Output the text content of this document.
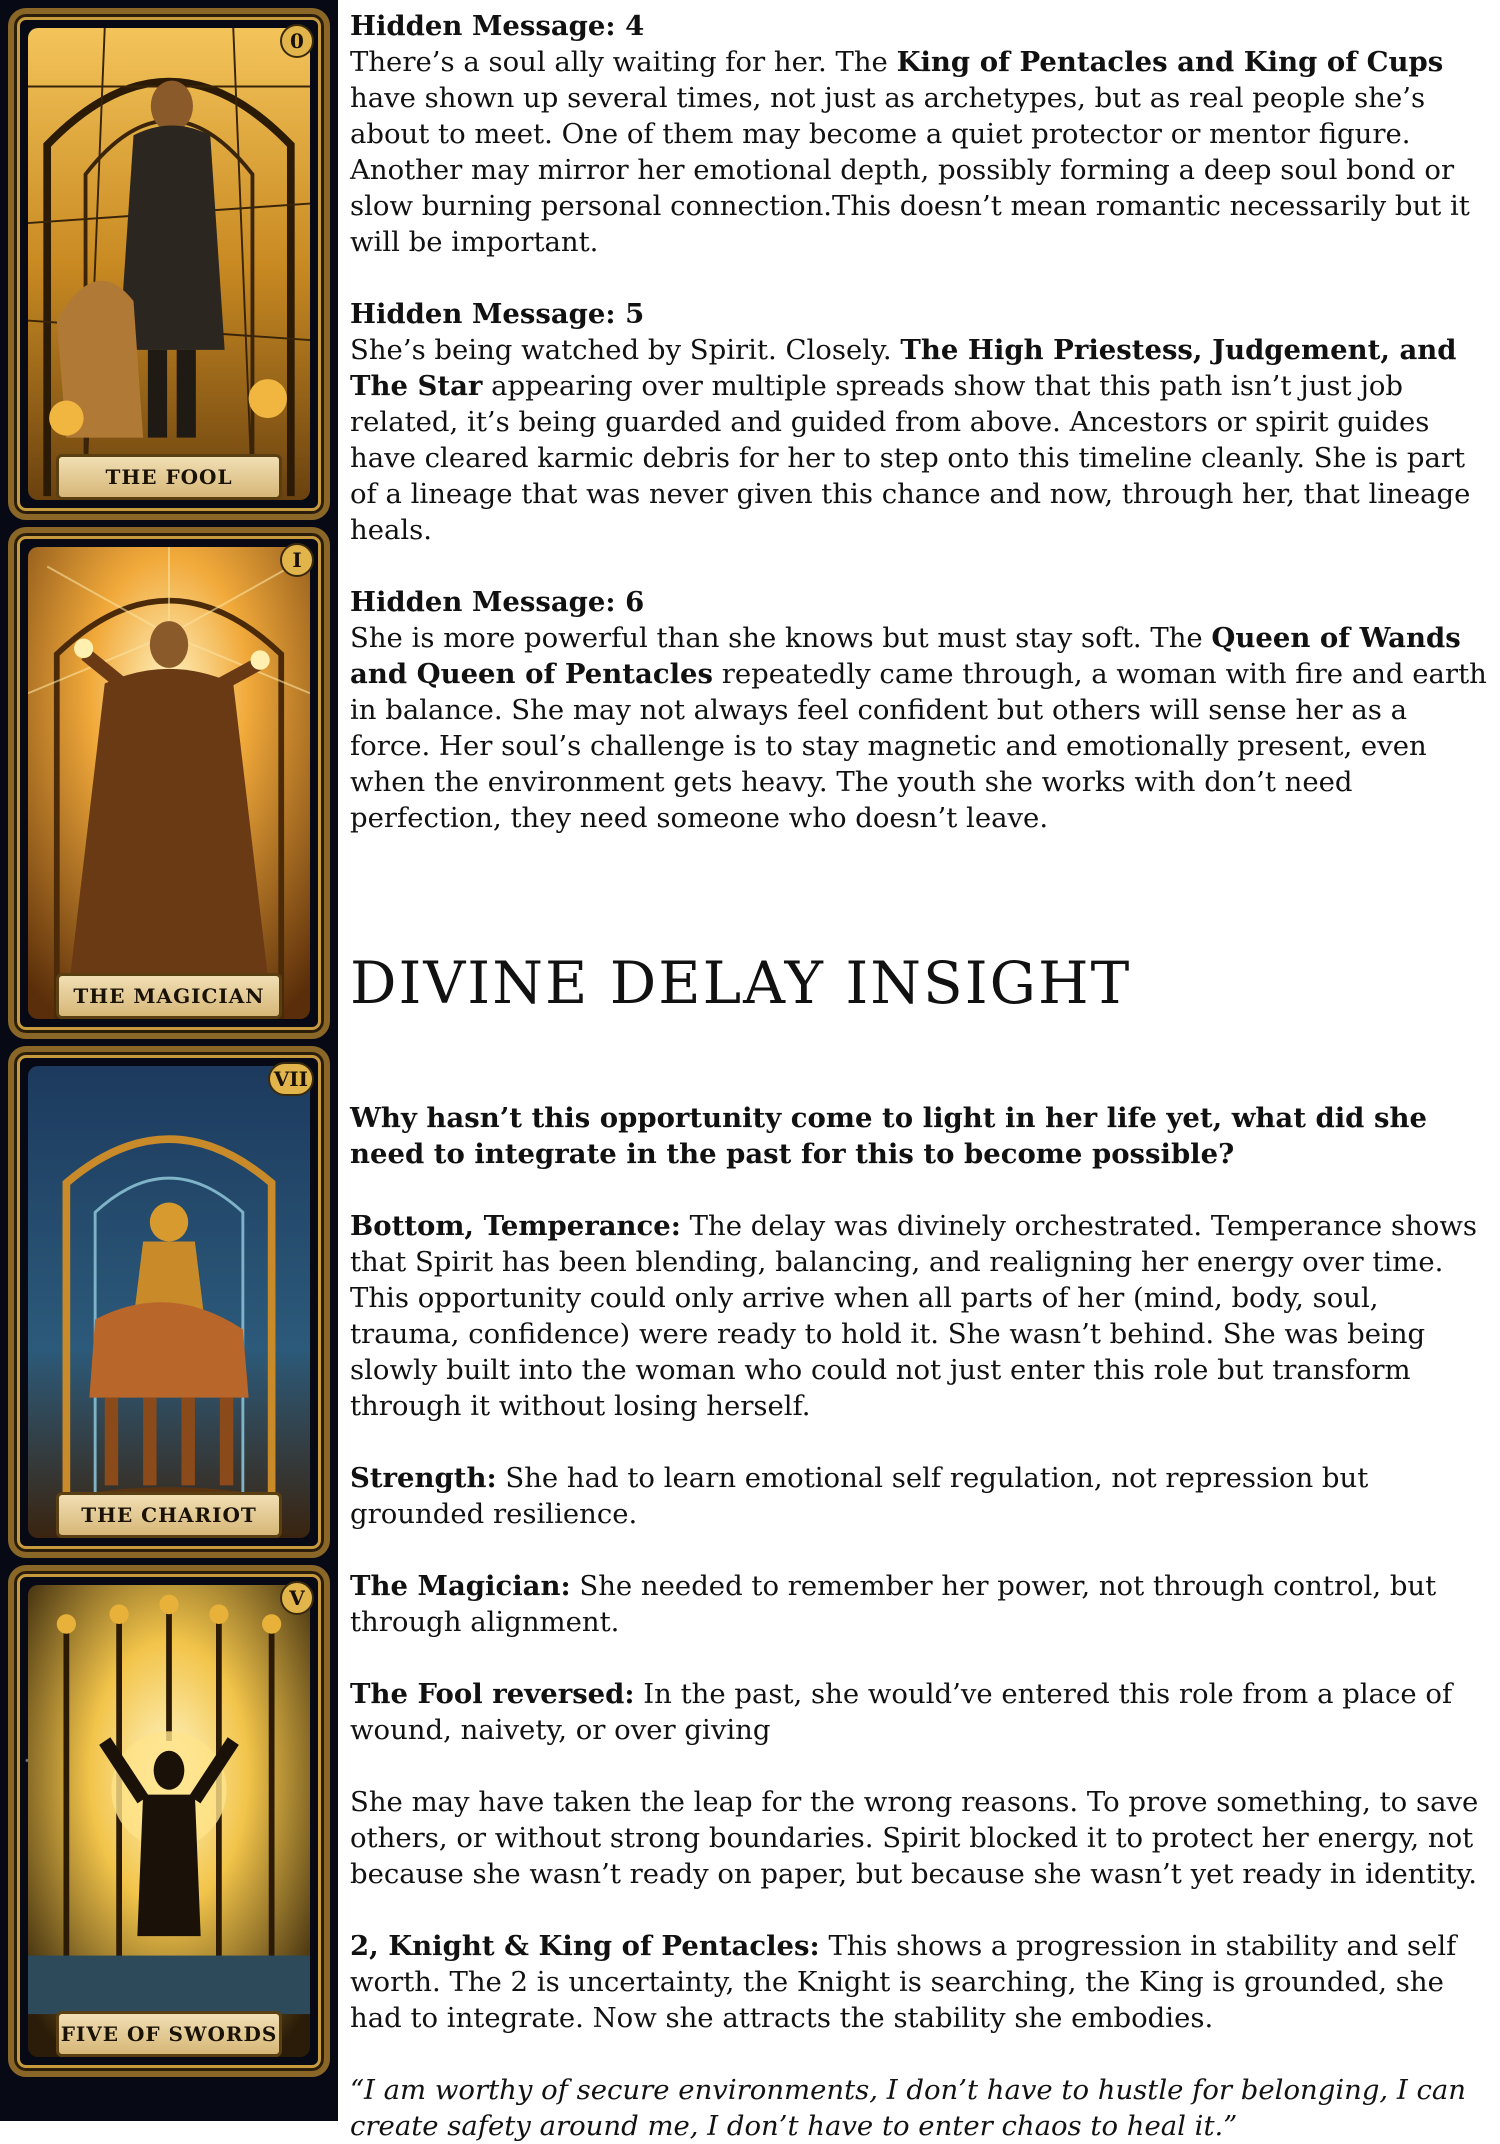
0
THE FOOL
I
THE MAGICIAN
VII
THE CHARIOT
V
FIVE OF SWORDS

Hidden Message: 4

There’s a soul ally waiting for her. The King of Pentacles and King of Cups have shown up several times, not just as archetypes, but as real people she’s about to meet. One of them may become a quiet protector or mentor figure. Another may mirror her emotional depth, possibly forming a deep soul bond or slow burning personal connection.This doesn’t mean romantic necessarily but it will be important.

Hidden Message: 5

She’s being watched by Spirit. Closely. The High Priestess, Judgement, and The Star appearing over multiple spreads show that this path isn’t just job related, it’s being guarded and guided from above. Ancestors or spirit guides have cleared karmic debris for her to step onto this timeline cleanly. She is part of a lineage that was never given this chance and now, through her, that lineage heals.

Hidden Message: 6

She is more powerful than she knows but must stay soft. The Queen of Wands and Queen of Pentacles repeatedly came through, a woman with fire and earth in balance. She may not always feel confident but others will sense her as a force. Her soul’s challenge is to stay magnetic and emotionally present, even when the environment gets heavy. The youth she works with don’t need perfection, they need someone who doesn’t leave.

DIVINE DELAY INSIGHT

Why hasn’t this opportunity come to light in her life yet, what did she need to integrate in the past for this to become possible?

Bottom, Temperance: The delay was divinely orchestrated. Temperance shows that Spirit has been blending, balancing, and realigning her energy over time. This opportunity could only arrive when all parts of her (mind, body, soul, trauma, confidence) were ready to hold it. She wasn’t behind. She was being slowly built into the woman who could not just enter this role but transform through it without losing herself.

Strength: She had to learn emotional self regulation, not repression but grounded resilience.

The Magician: She needed to remember her power, not through control, but through alignment.

The Fool reversed: In the past, she would’ve entered this role from a place of wound, naivety, or over giving

She may have taken the leap for the wrong reasons. To prove something, to save others, or without strong boundaries. Spirit blocked it to protect her energy, not because she wasn’t ready on paper, but because she wasn’t yet ready in identity.

2, Knight & King of Pentacles: This shows a progression in stability and self worth. The 2 is uncertainty, the Knight is searching, the King is grounded, she had to integrate. Now she attracts the stability she embodies.

“I am worthy of secure environments, I don’t have to hustle for belonging, I can create safety around me, I don’t have to enter chaos to heal it.”
